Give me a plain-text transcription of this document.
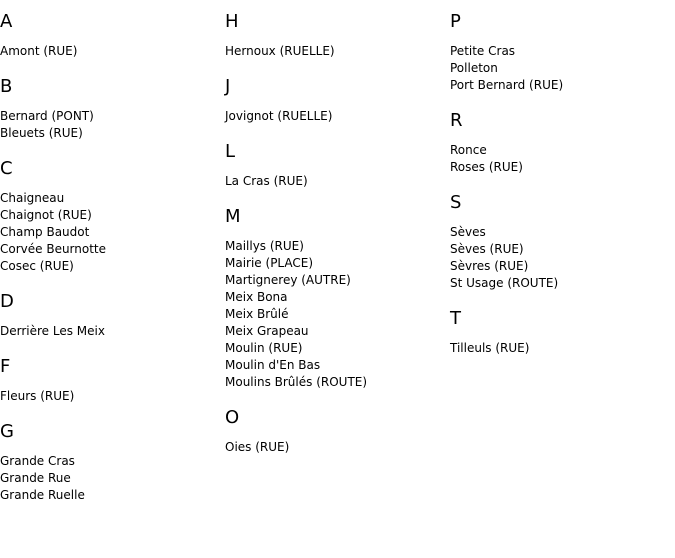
A
Amont (RUE)
B
Bernard (PONT)
Bleuets (RUE)
C
Chaigneau
Chaignot (RUE)
Champ Baudot
Corvée Beurnotte
Cosec (RUE)
D
Derrière Les Meix
F
Fleurs (RUE)
G
Grande Cras
Grande Rue
Grande Ruelle
H
Hernoux (RUELLE)
J
Jovignot (RUELLE)
L
La Cras (RUE)
M
Maillys (RUE)
Mairie (PLACE)
Martignerey (AUTRE)
Meix Bona
Meix Brûlé
Meix Grapeau
Moulin (RUE)
Moulin d'En Bas
Moulins Brûlés (ROUTE)
O
Oies (RUE)
P
Petite Cras
Polleton
Port Bernard (RUE)
R
Ronce
Roses (RUE)
S
Sèves
Sèves (RUE)
Sèvres (RUE)
St Usage (ROUTE)
T
Tilleuls (RUE)
